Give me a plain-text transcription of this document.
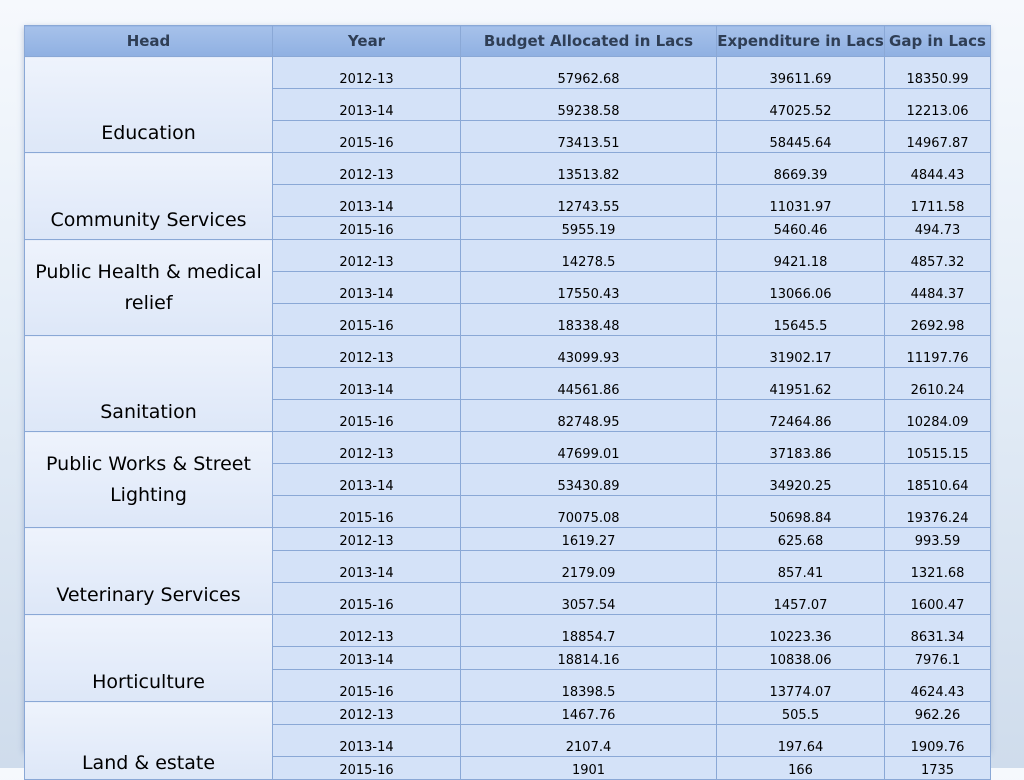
Head	Year	Budget Allocated in Lacs	Expenditure in Lacs	Gap in Lacs
Education	2012-13	57962.68	39611.69	18350.99
	2013-14	59238.58	47025.52	12213.06
	2015-16	73413.51	58445.64	14967.87
Community Services	2012-13	13513.82	8669.39	4844.43
	2013-14	12743.55	11031.97	1711.58
	2015-16	5955.19	5460.46	494.73
Public Health & medical relief	2012-13	14278.5	9421.18	4857.32
	2013-14	17550.43	13066.06	4484.37
	2015-16	18338.48	15645.5	2692.98
Sanitation	2012-13	43099.93	31902.17	11197.76
	2013-14	44561.86	41951.62	2610.24
	2015-16	82748.95	72464.86	10284.09
Public Works & Street Lighting	2012-13	47699.01	37183.86	10515.15
	2013-14	53430.89	34920.25	18510.64
	2015-16	70075.08	50698.84	19376.24
Veterinary Services	2012-13	1619.27	625.68	993.59
	2013-14	2179.09	857.41	1321.68
	2015-16	3057.54	1457.07	1600.47
Horticulture	2012-13	18854.7	10223.36	8631.34
	2013-14	18814.16	10838.06	7976.1
	2015-16	18398.5	13774.07	4624.43
Land & estate	2012-13	1467.76	505.5	962.26
	2013-14	2107.4	197.64	1909.76
	2015-16	1901	166	1735
